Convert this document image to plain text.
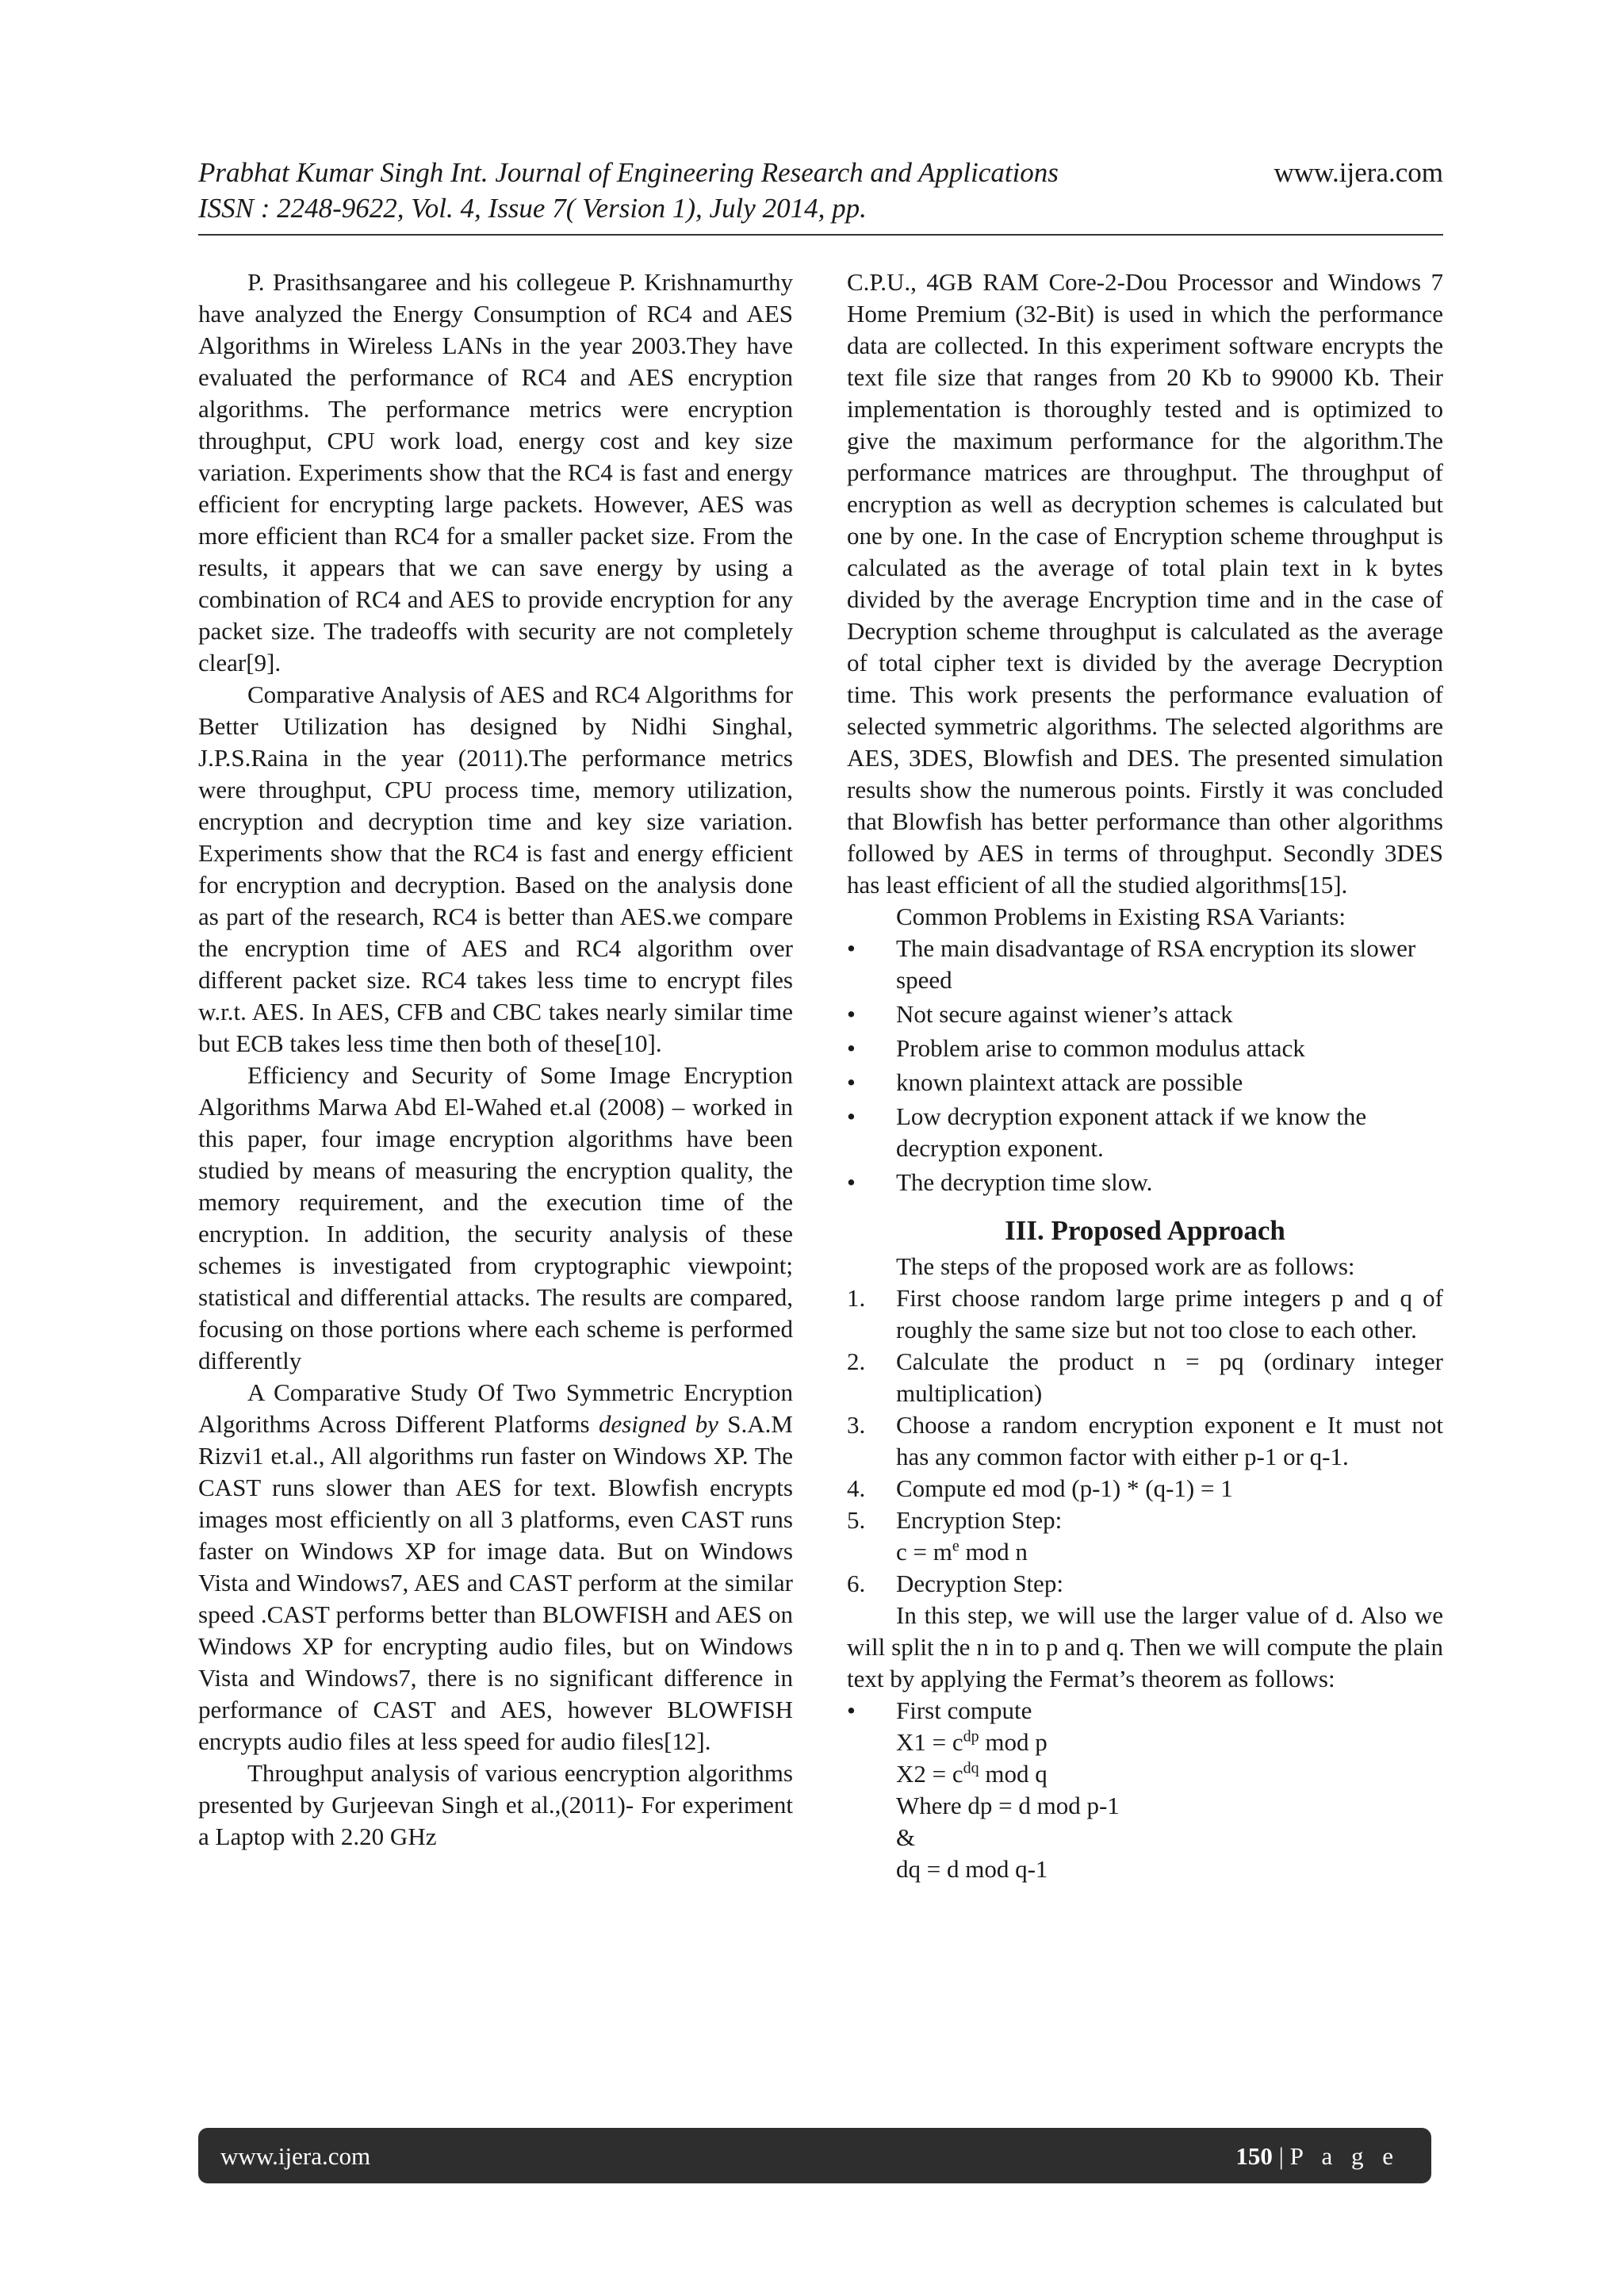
Prabhat Kumar Singh Int. Journal of Engineering Research and Applications
ISSN : 2248-9622, Vol. 4, Issue 7( Version 1), July 2014, pp.
www.ijera.com

P. Prasithsangaree and his collegeue P. Krishnamurthy have analyzed the Energy Consumption of RC4 and AES Algorithms in Wireless LANs in the year 2003.They have evaluated the performance of RC4 and AES encryption algorithms. The performance metrics were encryption throughput, CPU work load, energy cost and key size variation. Experiments show that the RC4 is fast and energy efficient for encrypting large packets. However, AES was more efficient than RC4 for a smaller packet size. From the results, it appears that we can save energy by using a combination of RC4 and AES to provide encryption for any packet size. The tradeoffs with security are not completely clear[9].

Comparative Analysis of AES and RC4 Algorithms for Better Utilization has designed by Nidhi Singhal, J.P.S.Raina in the year (2011).The performance metrics were throughput, CPU process time, memory utilization, encryption and decryption time and key size variation. Experiments show that the RC4 is fast and energy efficient for encryption and decryption. Based on the analysis done as part of the research, RC4 is better than AES.we compare the encryption time of AES and RC4 algorithm over different packet size. RC4 takes less time to encrypt files w.r.t. AES. In AES, CFB and CBC takes nearly similar time but ECB takes less time then both of these[10].

Efficiency and Security of Some Image Encryption Algorithms Marwa Abd El-Wahed et.al (2008) – worked in this paper, four image encryption algorithms have been studied by means of measuring the encryption quality, the memory requirement, and the execution time of the encryption. In addition, the security analysis of these schemes is investigated from cryptographic viewpoint; statistical and differential attacks. The results are compared, focusing on those portions where each scheme is performed differently

A Comparative Study Of Two Symmetric Encryption Algorithms Across Different Platforms designed by S.A.M Rizvi1 et.al., All algorithms run faster on Windows XP. The CAST runs slower than AES for text. Blowfish encrypts images most efficiently on all 3 platforms, even CAST runs faster on Windows XP for image data. But on Windows Vista and Windows7, AES and CAST perform at the similar speed .CAST performs better than BLOWFISH and AES on Windows XP for encrypting audio files, but on Windows Vista and Windows7, there is no significant difference in performance of CAST and AES, however BLOWFISH encrypts audio files at less speed for audio files[12].

Throughput analysis of various eencryption algorithms presented by Gurjeevan Singh et al.,(2011)- For experiment a Laptop with 2.20 GHz

C.P.U., 4GB RAM Core-2-Dou Processor and Windows 7 Home Premium (32-Bit) is used in which the performance data are collected. In this experiment software encrypts the text file size that ranges from 20 Kb to 99000 Kb. Their implementation is thoroughly tested and is optimized to give the maximum performance for the algorithm.The performance matrices are throughput. The throughput of encryption as well as decryption schemes is calculated but one by one. In the case of Encryption scheme throughput is calculated as the average of total plain text in k bytes divided by the average Encryption time and in the case of Decryption scheme throughput is calculated as the average of total cipher text is divided by the average Decryption time. This work presents the performance evaluation of selected symmetric algorithms. The selected algorithms are AES, 3DES, Blowfish and DES. The presented simulation results show the numerous points. Firstly it was concluded that Blowfish has better performance than other algorithms followed by AES in terms of throughput. Secondly 3DES has least efficient of all the studied algorithms[15].

Common Problems in Existing RSA Variants:

• The main disadvantage of RSA encryption its slower speed
• Not secure against wiener’s attack
• Problem arise to common modulus attack
• known plaintext attack are possible
• Low decryption exponent attack if we know the decryption exponent.
• The decryption time slow.
III. Proposed Approach

The steps of the proposed work are as follows:

1. First choose random large prime integers p and q of roughly the same size but not too close to each other.
2. Calculate the product n = pq (ordinary integer multiplication)
3. Choose a random encryption exponent e It must not has any common factor with either p-1 or q-1.
4. Compute ed mod (p-1) * (q-1) = 1
5. Encryption Step:
$c = m^e$ mod n
6. Decryption Step:

In this step, we will use the larger value of d. Also we will split the n in to p and q. Then we will compute the plain text by applying the Fermat’s theorem as follows:

• First compute
$X1 = c^{dp}$ mod p
$X2 = c^{dq}$ mod q
Where dp = d mod p-1
&
dq = d mod q-1
www.ijera.com	150 | P a g e
